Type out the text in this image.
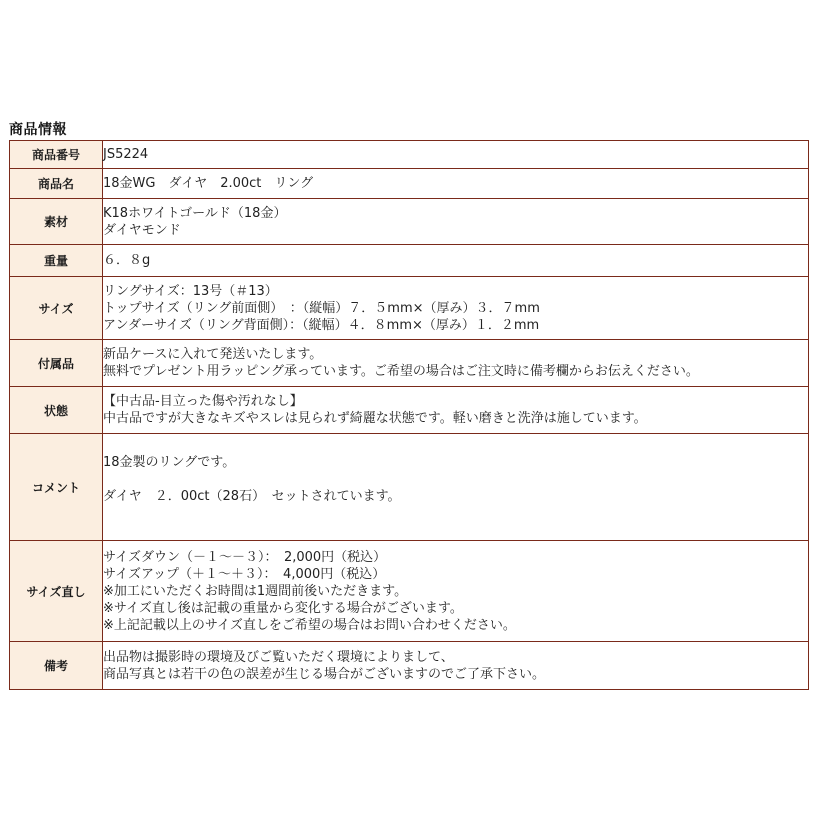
商品情報
商品番号	JS5224

商品名	18金WG　ダイヤ　2.00ct　リング

素材	K18ホワイトゴールド（18金）
ダイヤモンド

重量	６．８g

サイズ	リングサイズ：13号（＃13）
トップサイズ（リング前面側）　：（縦幅）７．５mm×（厚み）３．７mm
アンダーサイズ（リング背面側）：（縦幅）４．８mm×（厚み）１．２mm

付属品	新品ケースに入れて発送いたします。
無料でプレゼント用ラッピング承っています。ご希望の場合はご注文時に備考欄からお伝えください。

状態	【中古品-目立った傷や汚れなし】
中古品ですが大きなキズやスレは見られず綺麗な状態です。軽い磨きと洗浄は施しています。

コメント	18金製のリングです。
ダイヤ　２．00ct（28石）　セットされています。

サイズ直し	サイズダウン（－１～－３）：　2,000円（税込）
サイズアップ（＋１～＋３）：　4,000円（税込）
※加工にいただくお時間は1週間前後いただきます。
※サイズ直し後は記載の重量から変化する場合がございます。
※上記記載以上のサイズ直しをご希望の場合はお問い合わせください。

備考	出品物は撮影時の環境及びご覧いただく環境によりまして、
商品写真とは若干の色の誤差が生じる場合がございますのでご了承下さい。
